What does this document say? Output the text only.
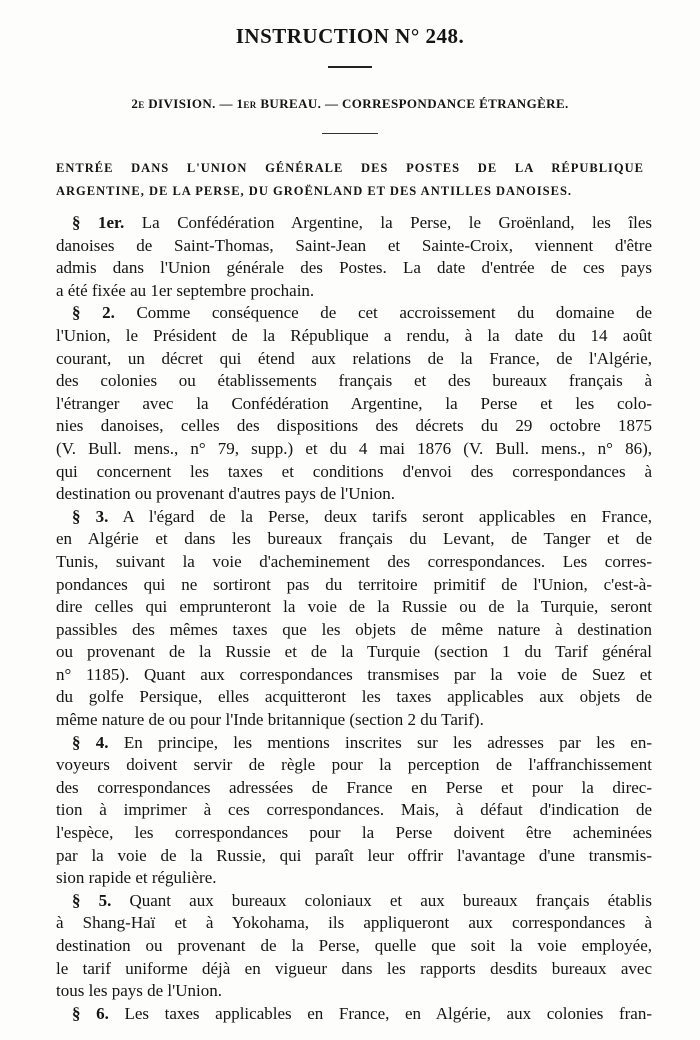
INSTRUCTION N° 248.
2e DIVISION. — 1er BUREAU. — CORRESPONDANCE ÉTRANGÈRE.
ENTRÉE DANS L'UNION GÉNÉRALE DES POSTES DE LA RÉPUBLIQUE
ARGENTINE, DE LA PERSE, DU GROËNLAND ET DES ANTILLES DANOISES.
§ 1er. La Confédération Argentine, la Perse, le Groënland, les îles
danoises de Saint-Thomas, Saint-Jean et Sainte-Croix, viennent d'être
admis dans l'Union générale des Postes. La date d'entrée de ces pays
a été fixée au 1er septembre prochain.
§ 2. Comme conséquence de cet accroissement du domaine de
l'Union, le Président de la République a rendu, à la date du 14 août
courant, un décret qui étend aux relations de la France, de l'Algérie,
des colonies ou établissements français et des bureaux français à
l'étranger avec la Confédération Argentine, la Perse et les colo-
nies danoises, celles des dispositions des décrets du 29 octobre 1875
(V. Bull. mens., n° 79, supp.) et du 4 mai 1876 (V. Bull. mens., n° 86),
qui concernent les taxes et conditions d'envoi des correspondances à
destination ou provenant d'autres pays de l'Union.
§ 3. A l'égard de la Perse, deux tarifs seront applicables en France,
en Algérie et dans les bureaux français du Levant, de Tanger et de
Tunis, suivant la voie d'acheminement des correspondances. Les corres-
pondances qui ne sortiront pas du territoire primitif de l'Union, c'est-à-
dire celles qui emprunteront la voie de la Russie ou de la Turquie, seront
passibles des mêmes taxes que les objets de même nature à destination
ou provenant de la Russie et de la Turquie (section 1 du Tarif général
n° 1185). Quant aux correspondances transmises par la voie de Suez et
du golfe Persique, elles acquitteront les taxes applicables aux objets de
même nature de ou pour l'Inde britannique (section 2 du Tarif).
§ 4. En principe, les mentions inscrites sur les adresses par les en-
voyeurs doivent servir de règle pour la perception de l'affranchissement
des correspondances adressées de France en Perse et pour la direc-
tion à imprimer à ces correspondances. Mais, à défaut d'indication de
l'espèce, les correspondances pour la Perse doivent être acheminées
par la voie de la Russie, qui paraît leur offrir l'avantage d'une transmis-
sion rapide et régulière.
§ 5. Quant aux bureaux coloniaux et aux bureaux français établis
à Shang-Haï et à Yokohama, ils appliqueront aux correspondances à
destination ou provenant de la Perse, quelle que soit la voie employée,
le tarif uniforme déjà en vigueur dans les rapports desdits bureaux avec
tous les pays de l'Union.
§ 6. Les taxes applicables en France, en Algérie, aux colonies fran-
